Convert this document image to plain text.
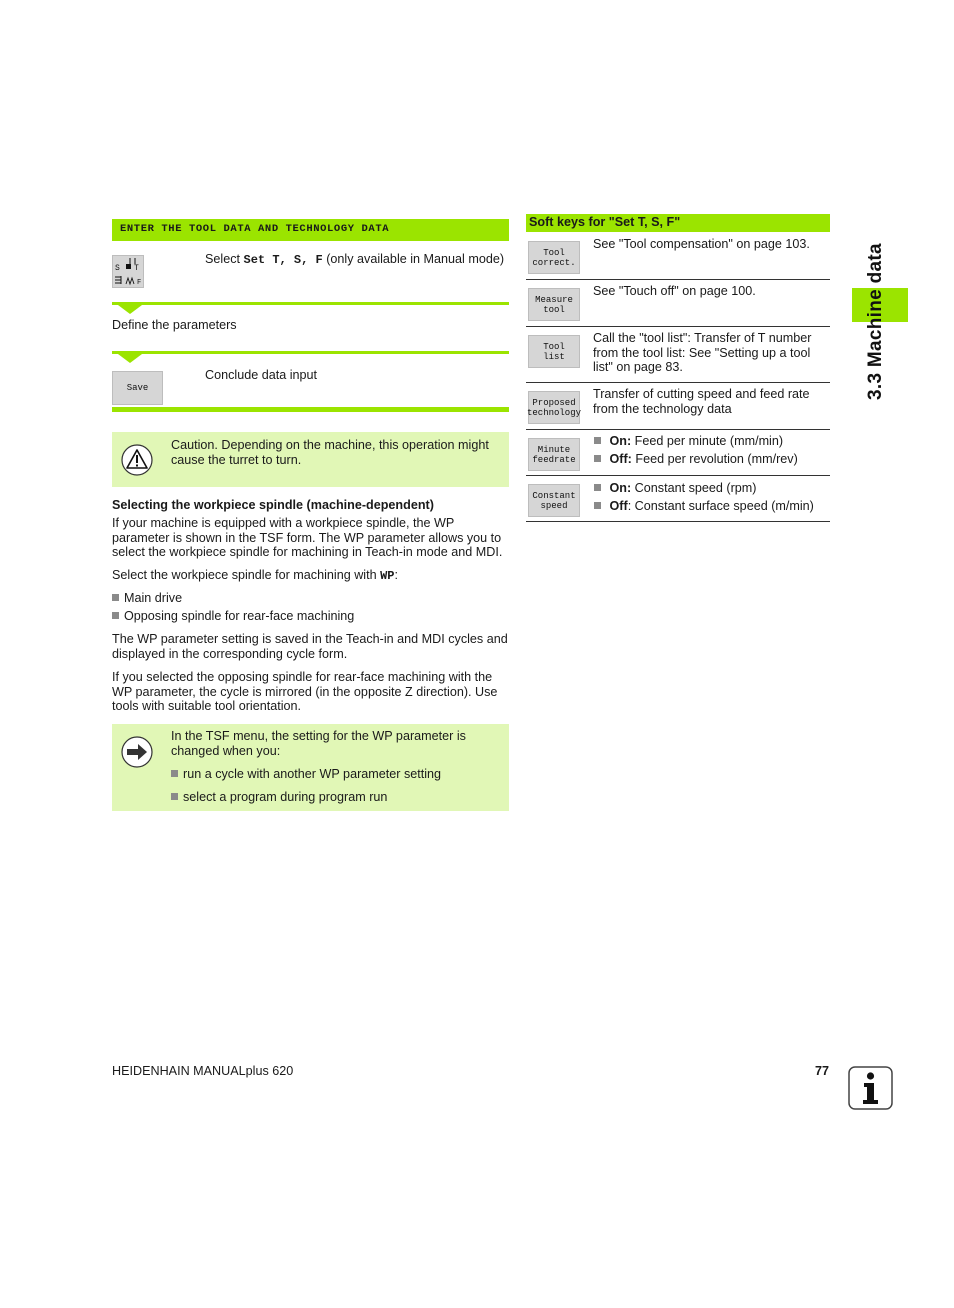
ENTER THE TOOL DATA AND TECHNOLOGY DATA
S T
F
Select Set T, S, F (only available in Manual mode)
Define the parameters
Save
Conclude data input
Caution. Depending on the machine, this operation might cause the turret to turn.
Selecting the workpiece spindle (machine-dependent)
If your machine is equipped with a workpiece spindle, the WP parameter is shown in the TSF form. The WP parameter allows you to select the workpiece spindle for machining in Teach-in mode and MDI.
Select the workpiece spindle for machining with WP:
Main drive
Opposing spindle for rear-face machining
The WP parameter setting is saved in the Teach-in and MDI cycles and displayed in the corresponding cycle form.
If you selected the opposing spindle for rear-face machining with the WP parameter, the cycle is mirrored (in the opposite Z direction). Use tools with suitable tool orientation.
In the TSF menu, the setting for the WP parameter is changed when you:
run a cycle with another WP parameter setting
select a program during program run
Soft keys for "Set T, S, F"
Tool
correct.
See "Tool compensation" on page 103.
Measure
tool
See "Touch off" on page 100.
Tool
list
Call the "tool list": Transfer of T number from the tool list: See "Setting up a tool list" on page 83.
Proposed
technology
Transfer of cutting speed and feed rate from the technology data
Minute
feedrate
On: Feed per minute (mm/min)
Off: Feed per revolution (mm/rev)
Constant
speed
On: Constant speed (rpm)
Off: Constant surface speed (m/min)
3.3 Machine data
HEIDENHAIN MANUALplus 620	77
